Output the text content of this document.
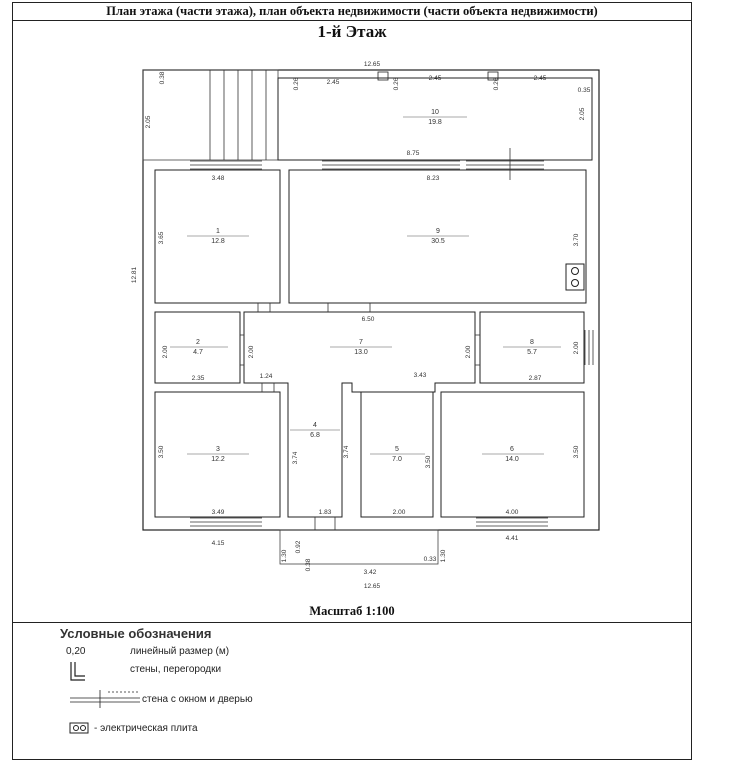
План этажа (части этажа), план объекта недвижимости (части объекта недвижимости)
1-й Этаж
10
19.8
1
12.8
9
30.5
2
4.7
7
13.0
8
5.7
3
12.2
4
6.8
5
7.0
6
14.0
12.65
12.65
12.81
0.38
2.05
2.05
0.26	0.26	0.26
2.45
2.45	2.45
0.35
8.75
3.48	8.23
3.65	3.70
6.50
2.00	2.00	2.00	2.00
2.35	1.24	3.43	2.87
3.50	3.74	3.74
3.50
3.50
3.49	1.83	2.00	4.00
4.15
4.41
0.92
1.30
0.38
3.42
0.33 1.30
Масштаб 1:100
Условные обозначения
0,20	линейный размер (м)
стены, перегородки
стена с окном и дверью
- электрическая плита
